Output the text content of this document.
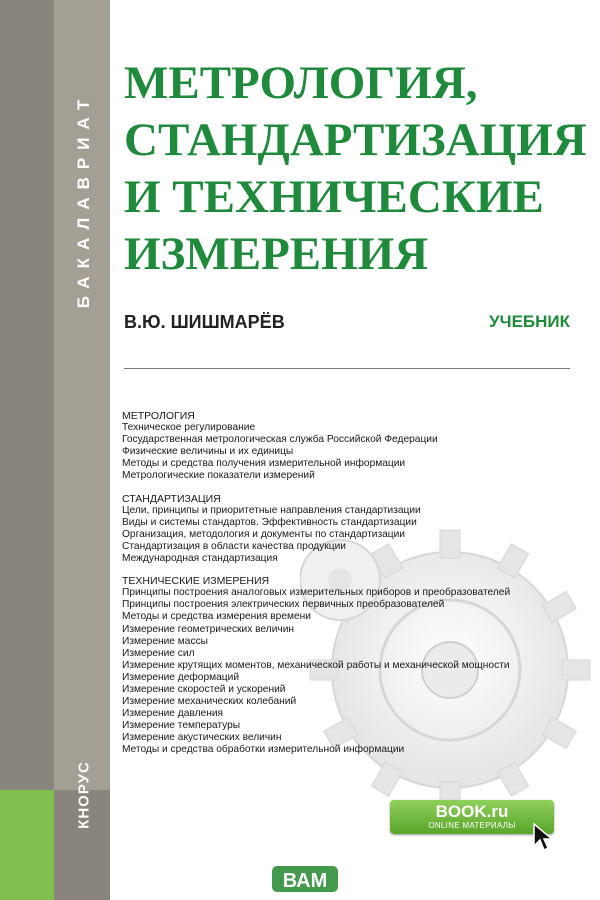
БАКАЛАВРИАТ
КНОРУС
МЕТРОЛОГИЯ,
СТАНДАРТИЗАЦИЯ
И ТЕХНИЧЕСКИЕ
ИЗМЕРЕНИЯ
В.Ю. ШИШМАРЁВ	УЧЕБНИК
МЕТРОЛОГИЯ
Техническое регулирование
Государственная метрологическая служба Российской Федерации
Физические величины и их единицы
Методы и средства получения измерительной информации
Метрологические показатели измерений
СТАНДАРТИЗАЦИЯ
Цели, принципы и приоритетные направления стандартизации
Виды и системы стандартов. Эффективность стандартизации
Организация, методология и документы по стандартизации
Стандартизация в области качества продукции
Международная стандартизация
ТЕХНИЧЕСКИЕ ИЗМЕРЕНИЯ
Принципы построения аналоговых измерительных приборов и преобразователей
Принципы построения электрических первичных преобразователей
Методы и средства измерения времени
Измерение геометрических величин
Измерение массы
Измерение сил
Измерение крутящих моментов, механической работы и механической мощности
Измерение деформаций
Измерение скоростей и ускорений
Измерение механических колебаний
Измерение давления
Измерение температуры
Измерение акустических величин
Методы и средства обработки измерительной информации
BOOK.ru
ONLINE МАТЕРИАЛЫ
ВАМ
